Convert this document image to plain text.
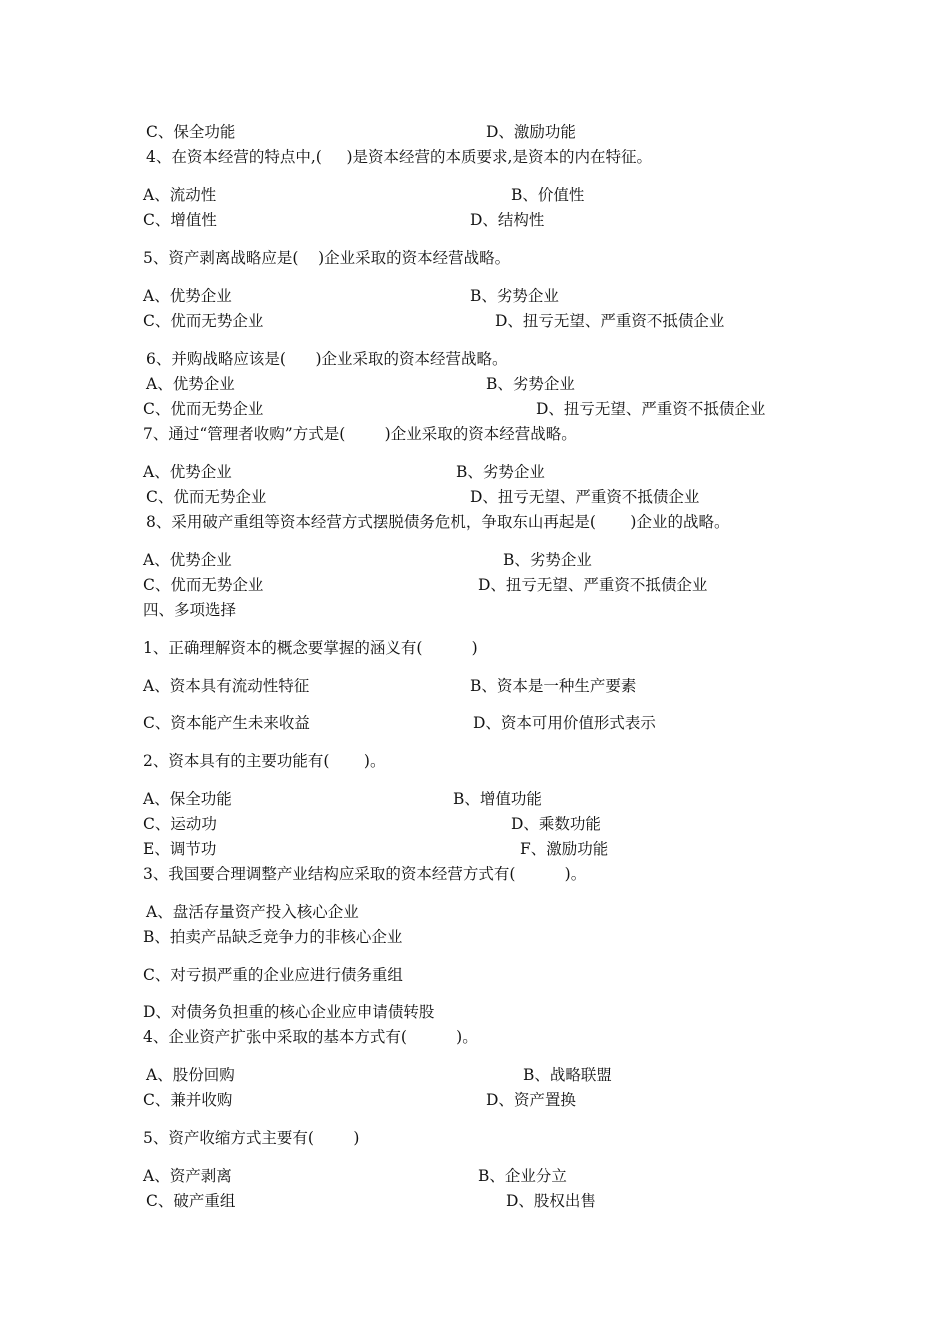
C、保全功能	D、激励功能
4、在资本经营的特点中,(     )是资本经营的本质要求,是资本的内在特征。
A、流动性	B、价值性
C、增值性	D、结构性
5、资产剥离战略应是(    )企业采取的资本经营战略。
A、优势企业	B、劣势企业
C、优而无势企业	D、扭亏无望、严重资不抵债企业
6、并购战略应该是(      )企业采取的资本经营战略。
A、优势企业	B、劣势企业
C、优而无势企业	D、扭亏无望、严重资不抵债企业
7、通过“管理者收购”方式是(        )企业采取的资本经营战略。
A、优势企业	B、劣势企业
C、优而无势企业	D、扭亏无望、严重资不抵债企业
8、采用破产重组等资本经营方式摆脱债务危机，争取东山再起是(       )企业的战略。
A、优势企业	B、劣势企业
C、优而无势企业	D、扭亏无望、严重资不抵债企业
四、多项选择
1、正确理解资本的概念要掌握的涵义有(          )
A、资本具有流动性特征	B、资本是一种生产要素
C、资本能产生未来收益	D、资本可用价值形式表示
2、资本具有的主要功能有(       )。
A、保全功能	B、增值功能
C、运动功	D、乘数功能
E、调节功	F、激励功能
3、我国要合理调整产业结构应采取的资本经营方式有(          )。
A、盘活存量资产投入核心企业
B、拍卖产品缺乏竞争力的非核心企业
C、对亏损严重的企业应进行债务重组
D、对债务负担重的核心企业应申请债转股
4、企业资产扩张中采取的基本方式有(          )。
A、股份回购	B、战略联盟
C、兼并收购	D、资产置换
5、资产收缩方式主要有(        )
A、资产剥离	B、企业分立
C、破产重组	D、股权出售
